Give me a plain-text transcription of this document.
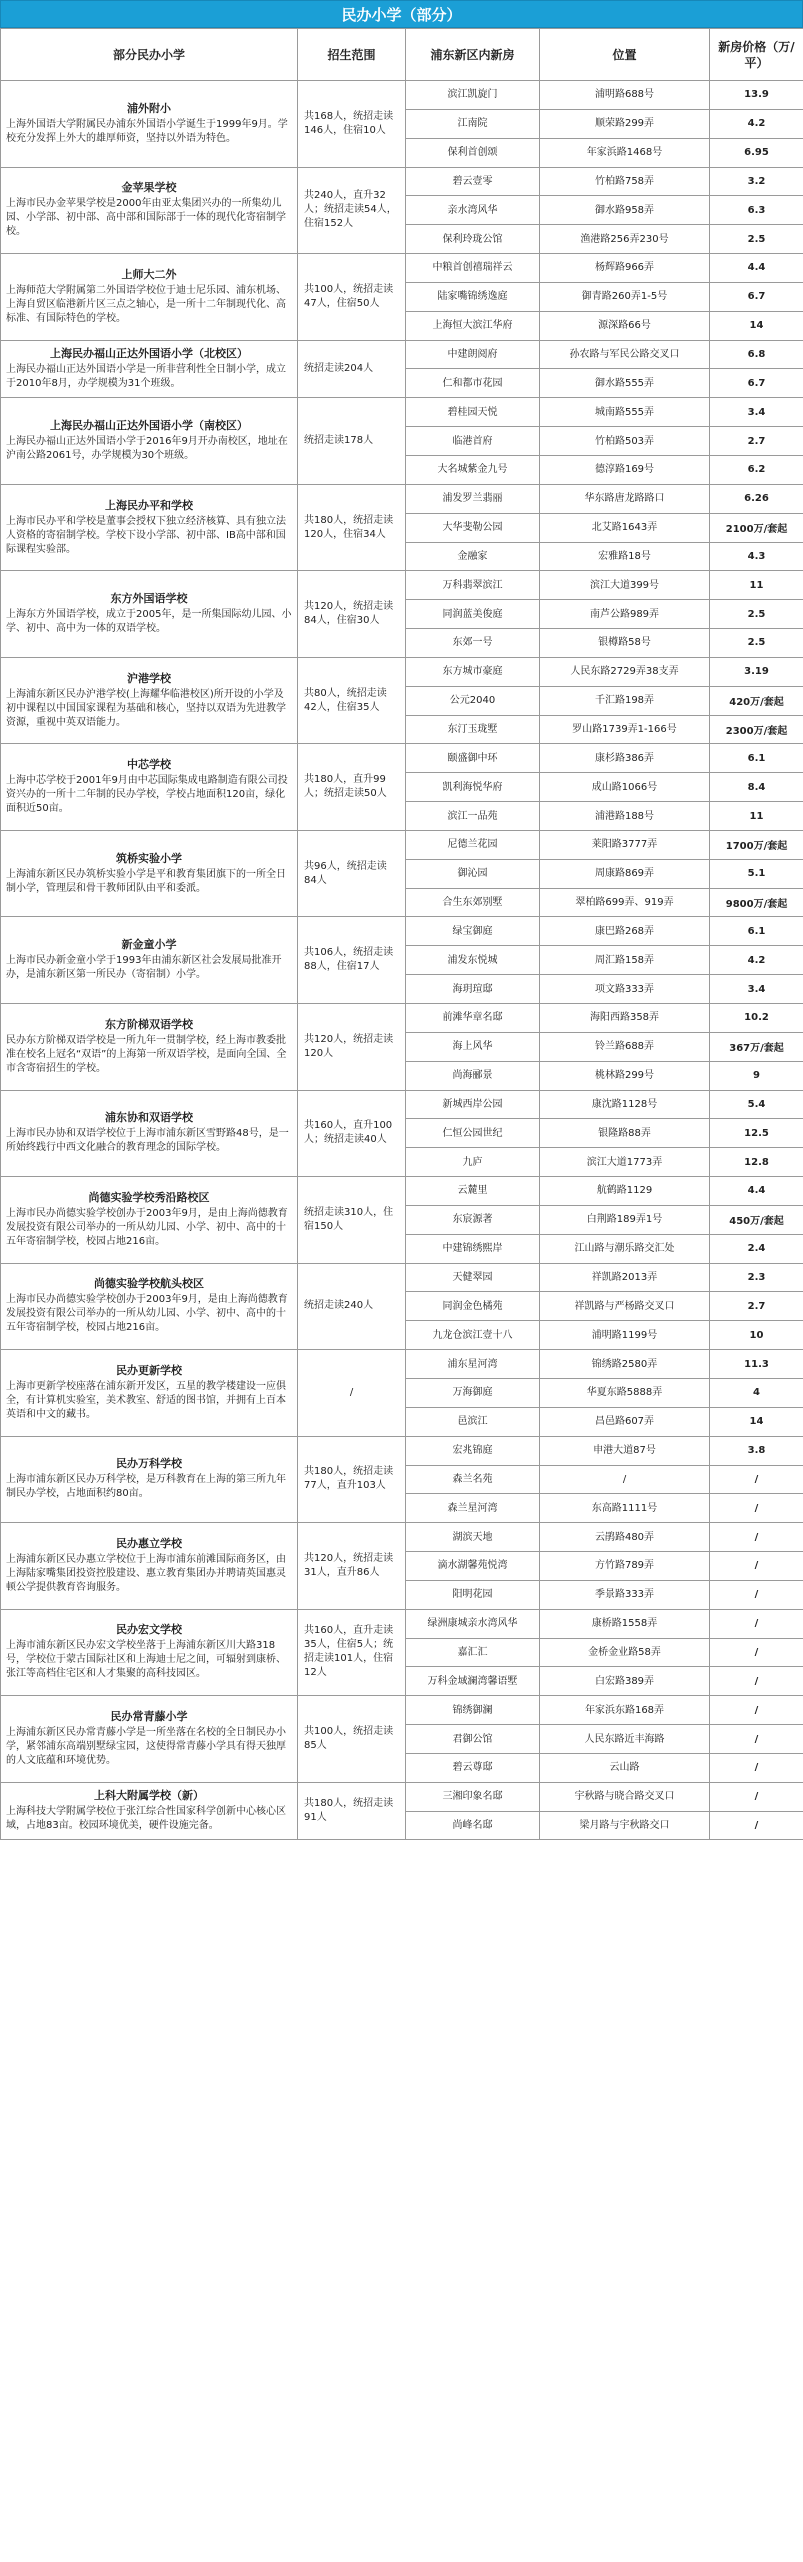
民办小学（部分）
部分民办小学	招生范围	浦东新区内新房	位置	新房价格（万/平）

浦外附小
上海外国语大学附属民办浦东外国语小学诞生于1999年9月。学校充分发挥上外大的雄厚师资，坚持以外语为特色。	共168人，统招走读146人，住宿10人	滨江凯旋门	浦明路688号	13.9
		江南院	顺荣路299弄	4.2
		保利首创颂	年家浜路1468号	6.95

金苹果学校
上海市民办金苹果学校是2000年由亚太集团兴办的一所集幼儿园、小学部、初中部、高中部和国际部于一体的现代化寄宿制学校。	共240人，直升32人；统招走读54人，住宿152人	碧云壹零	竹柏路758弄	3.2
		亲水湾风华	御水路958弄	6.3
		保利玲珑公馆	渔港路256弄230号	2.5

上师大二外
上海师范大学附属第二外国语学校位于迪士尼乐园、浦东机场、上海自贸区临港新片区三点之轴心，是一所十二年制现代化、高标准、有国际特色的学校。	共100人，统招走读47人，住宿50人	中粮首创禧瑞祥云	杨辉路966弄	4.4
		陆家嘴锦绣逸庭	御青路260弄1-5号	6.7
		上海恒大滨江华府	源深路66号	14

上海民办福山正达外国语小学（北校区）
上海民办福山正达外国语小学是一所非营利性全日制小学，成立于2010年8月，办学规模为31个班级。	统招走读204人	中建朗阅府	孙农路与军民公路交叉口	6.8
		仁和都市花园	御水路555弄	6.7

上海民办福山正达外国语小学（南校区）
上海民办福山正达外国语小学于2016年9月开办南校区，地址在沪南公路2061号，办学规模为30个班级。	统招走读178人	碧桂园天悦	城南路555弄	3.4
		临港首府	竹柏路503弄	2.7
		大名城紫金九号	德淳路169号	6.2

上海民办平和学校
上海市民办平和学校是董事会授权下独立经济核算、具有独立法人资格的寄宿制学校。学校下设小学部、初中部、IB高中部和国际课程实验部。	共180人，统招走读120人，住宿34人	浦发罗兰翡丽	华东路唐龙路路口	6.26
		大华斐勒公园	北艾路1643弄	2100万/套起
		金融家	宏雅路18号	4.3

东方外国语学校
上海东方外国语学校，成立于2005年，是一所集国际幼儿园、小学、初中、高中为一体的双语学校。	共120人，统招走读84人，住宿30人	万科翡翠滨江	滨江大道399号	11
		同润蓝美俊庭	南芦公路989弄	2.5
		东郊一号	银樽路58号	2.5

沪港学校
上海浦东新区民办沪港学校(上海耀华临港校区)所开设的小学及初中课程以中国国家课程为基础和核心，坚持以双语为先进教学资源，重视中英双语能力。	共80人，统招走读42人，住宿35人	东方城市豪庭	人民东路2729弄38支弄	3.19
		公元2040	千汇路198弄	420万/套起
		东汀玉珑墅	罗山路1739弄1-166号	2300万/套起

中芯学校
上海中芯学校于2001年9月由中芯国际集成电路制造有限公司投资兴办的一所十二年制的民办学校，学校占地面积120亩，绿化面积近50亩。	共180人，直升99人；统招走读50人	颐盛御中环	康杉路386弄	6.1
		凯利海悦华府	成山路1066号	8.4
		滨江一品苑	浦港路188号	11

筑桥实验小学
上海浦东新区民办筑桥实验小学是平和教育集团旗下的一所全日制小学，管理层和骨干教师团队由平和委派。	共96人，统招走读84人	尼德兰花园	莱阳路3777弄	1700万/套起
		御沁园	周康路869弄	5.1
		合生东郊别墅	翠柏路699弄、919弄	9800万/套起

新金童小学
上海市民办新金童小学于1993年由浦东新区社会发展局批准开办，是浦东新区第一所民办（寄宿制）小学。	共106人，统招走读88人，住宿17人	绿宝御庭	康巴路268弄	6.1
		浦发东悦城	周汇路158弄	4.2
		海玥瑄邸	项文路333弄	3.4

东方阶梯双语学校
民办东方阶梯双语学校是一所九年一贯制学校，经上海市教委批准在校名上冠名“双语”的上海第一所双语学校，是面向全国、全市含寄宿招生的学校。	共120人，统招走读120人	前滩华章名邸	海阳西路358弄	10.2
		海上风华	铃兰路688弄	367万/套起
		尚海郦景	桃林路299号	9

浦东协和双语学校
上海市民办协和双语学校位于上海市浦东新区雪野路48号，是一所始终践行中西文化融合的教育理念的国际学校。	共160人，直升100人；统招走读40人	新城西岸公园	康沈路1128号	5.4
		仁恒公园世纪	银隆路88弄	12.5
		九庐	滨江大道1773弄	12.8

尚德实验学校秀沿路校区
上海市民办尚德实验学校创办于2003年9月，是由上海尚德教育发展投资有限公司举办的一所从幼儿园、小学、初中、高中的十五年寄宿制学校，校园占地216亩。	统招走读310人，住宿150人	云麓里	航鹤路1129	4.4
		东宸源著	白荆路189弄1号	450万/套起
		中建锦绣熙岸	江山路与潮乐路交汇处	2.4

尚德实验学校航头校区
上海市民办尚德实验学校创办于2003年9月，是由上海尚德教育发展投资有限公司举办的一所从幼儿园、小学、初中、高中的十五年寄宿制学校，校园占地216亩。	统招走读240人	天健翠园	祥凯路2013弄	2.3
		同润金色橘苑	祥凯路与严杨路交叉口	2.7
		九龙仓滨江壹十八	浦明路1199号	10

民办更新学校
上海市更新学校座落在浦东新开发区，五星的教学楼建设一应俱全，有计算机实验室，美术教室、舒适的图书馆，并拥有上百本英语和中文的藏书。	/	浦东星河湾	锦绣路2580弄	11.3
		万海御庭	华夏东路5888弄	4
		邑滨江	昌邑路607弄	14

民办万科学校
上海市浦东新区民办万科学校，是万科教育在上海的第三所九年制民办学校，占地面积约80亩。	共180人，统招走读77人，直升103人	宏兆锦庭	申港大道87号	3.8
		森兰名苑	/	/
		森兰星河湾	东高路1111号	/

民办惠立学校
上海浦东新区民办惠立学校位于上海市浦东前滩国际商务区，由上海陆家嘴集团投资控股建设、惠立教育集团办并聘请英国惠灵顿公学提供教育咨询服务。	共120人，统招走读31人，直升86人	湖滨天地	云鹃路480弄	/
		滴水湖馨苑悦湾	方竹路789弄	/
		阳明花园	季景路333弄	/

民办宏文学校
上海市浦东新区民办宏文学校坐落于上海浦东新区川大路318号，学校位于蒙古国际社区和上海迪士尼之间，可辐射到康桥、张江等高档住宅区和人才集聚的高科技园区。	共160人，直升走读35人，住宿5人；统招走读101人，住宿12人	绿洲康城亲水湾风华	康桥路1558弄	/
		嘉汇汇	金桥金业路58弄	/
		万科金域澜湾馨语墅	白宏路389弄	/

民办常青藤小学
上海浦东新区民办常青藤小学是一所坐落在名校的全日制民办小学，紧邻浦东高端别墅绿宝园，这使得常青藤小学具有得天独厚的人文底蕴和环境优势。	共100人，统招走读85人	锦绣御澜	年家浜东路168弄	/
		君御公馆	人民东路近丰海路	/
		碧云尊邸	云山路	/

上科大附属学校（新）
上海科技大学附属学校位于张江综合性国家科学创新中心核心区域，占地83亩。校园环境优美，硬件设施完备。	共180人，统招走读91人	三湘印象名邸	宇秋路与晓合路交叉口	/
		尚峰名邸	梁月路与宇秋路交口	/
